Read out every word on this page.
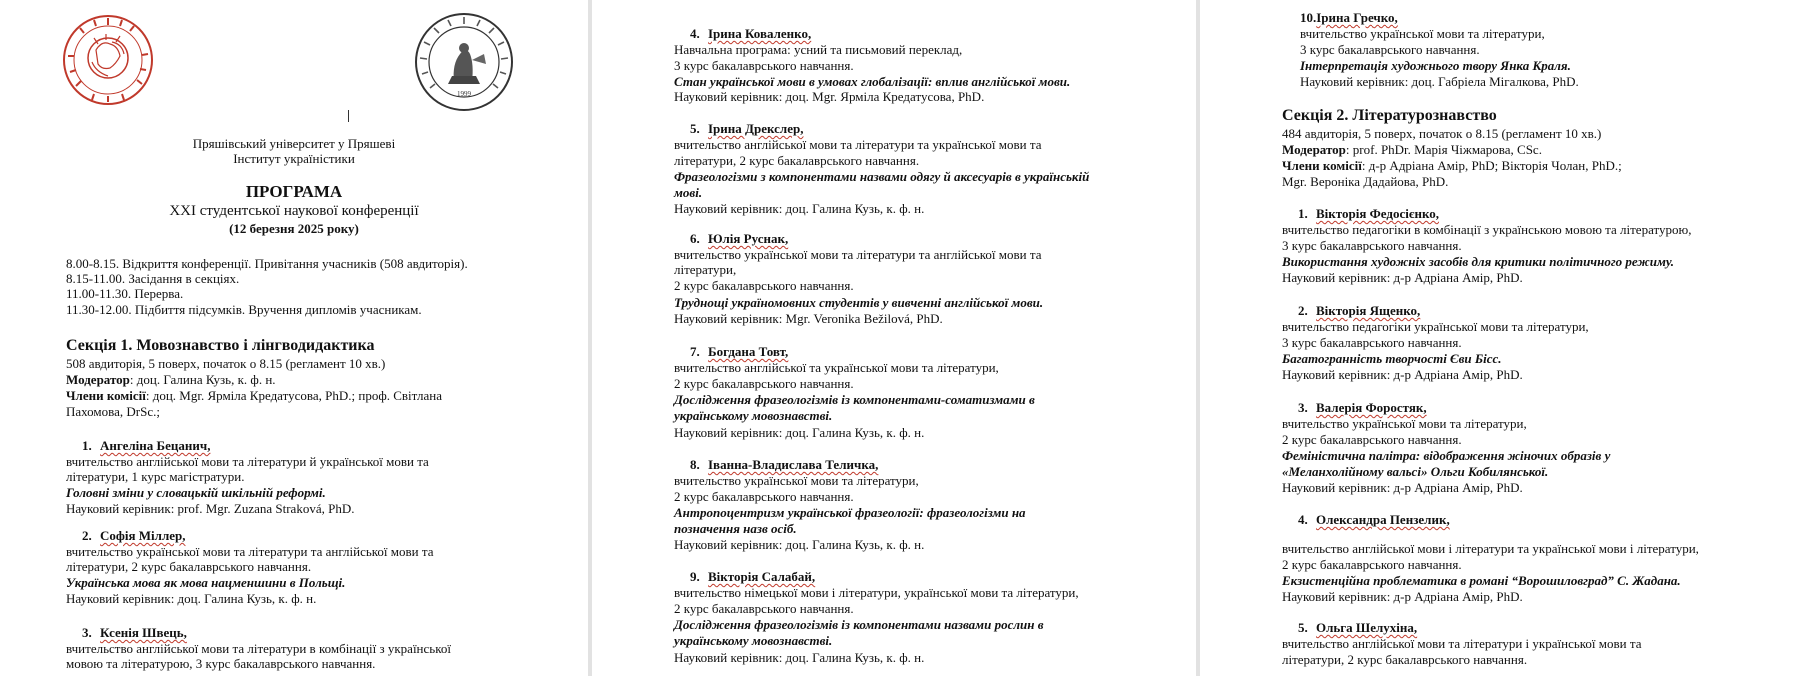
1999
Пряшівський університет у Пряшеві
Інститут україністики
ПРОГРАМА
XXI студентської наукової конференції
(12 березня 2025 року)
8.00-8.15. Відкриття конференції. Привітання учасників (508 авдиторія).
8.15-11.00. Засідання в секціях.
11.00-11.30. Перерва.
11.30-12.00. Підбиття підсумків. Вручення дипломів учасникам.
Секція 1. Мовознавство і лінгводидактика
508 авдиторія, 5 поверх, початок о 8.15 (регламент 10 хв.)
Модератор: доц. Галина Кузь, к. ф. н.
Члени комісії: доц. Mgr. Ярміла Кредатусова, PhD.; проф. Світлана
Пахомова, DrSc.;
1. Ангеліна Бецанич,
вчительство англійської мови та літератури й української мови та
літератури, 1 курс магістратури.
Головні зміни у словацькій шкільній реформі.
Науковий керівник: prof. Mgr. Zuzana Straková, PhD.
2. Софія Міллер,
вчительство української мови та літератури та англійської мови та
літератури, 2 курс бакалаврського навчання.
Українська мова як мова нацменшини в Польщі.
Науковий керівник: доц. Галина Кузь, к. ф. н.
3. Ксенія Швець,
вчительство англійської мови та літератури в комбінації з української
мовою та літературою, 3 курс бакалаврського навчання.
4. Ірина Коваленко,
Навчальна програма: усний та письмовий переклад,
3 курс бакалаврського навчання.
Стан української мови в умовах глобалізації: вплив англійської мови.
Науковий керівник: доц. Mgr. Ярміла Кредатусова, PhD.
5. Ірина Дрекслер,
вчительство англійської мови та літератури та української мови та
літератури, 2 курс бакалаврського навчання.
Фразеологізми з компонентами назвами одягу й аксесуарів в українській
мові.
Науковий керівник: доц. Галина Кузь, к. ф. н.
6. Юлія Руснак,
вчительство української мови та літератури та англійської мови та
літератури,
2 курс бакалаврського навчання.
Труднощі україномовних студентів у вивченні англійської мови.
Науковий керівник: Mgr. Veronika Bežilová, PhD.
7. Богдана Товт,
вчительство англійської та української мови та літератури,
2 курс бакалаврського навчання.
Дослідження фразеологізмів із компонентами-соматизмами в
українському мовознавстві.
Науковий керівник: доц. Галина Кузь, к. ф. н.
8. Іванна-Владислава Теличка,
вчительство української мови та літератури,
2 курс бакалаврського навчання.
Антропоцентризм української фразеології: фразеологізми на
позначення назв осіб.
Науковий керівник: доц. Галина Кузь, к. ф. н.
9. Вікторія Салабай,
вчительство німецької мови і літератури, української мови та літератури,
2 курс бакалаврського навчання.
Дослідження фразеологізмів із компонентами назвами рослин в
українському мовознавстві.
Науковий керівник: доц. Галина Кузь, к. ф. н.
10.Ірина Гречко,
вчительство української мови та літератури,
3 курс бакалаврського навчання.
Інтерпретація художнього твору Янка Краля.
Науковий керівник: доц. Габріела Мігалкова, PhD.
Секція 2. Літературознавство
484 авдиторія, 5 поверх, початок о 8.15 (регламент 10 хв.)
Модератор: prof. PhDr. Марія Чіжмарова, CSc.
Члени комісії: д-р Адріана Амір, PhD; Вікторія Чолан, PhD.;
Mgr. Вероніка Дадайова, PhD.
1. Вікторія Федосієнко,
вчительство педагогіки в комбінації з українською мовою та літературою,
3 курс бакалаврського навчання.
Використання художніх засобів для критики політичного режиму.
Науковий керівник: д-р Адріана Амір, PhD.
2. Вікторія Ященко,
вчительство педагогіки української мови та літератури,
3 курс бакалаврського навчання.
Багатогранність творчості Єви Бісс.
Науковий керівник: д-р Адріана Амір, PhD.
3. Валерія Форостяк,
вчительство української мови та літератури,
2 курс бакалаврського навчання.
Феміністична палітра: відображення жіночих образів у
«Меланхолійному вальсі» Ольги Кобилянської.
Науковий керівник: д-р Адріана Амір, PhD.
4. Олександра Пензелик,
вчительство англійської мови і літератури та української мови і літератури,
2 курс бакалаврського навчання.
Екзистенційна проблематика в романі “Ворошиловград” С. Жадана.
Науковий керівник: д-р Адріана Амір, PhD.
5. Ольга Шелухіна,
вчительство англійської мови та літератури і української мови та
літератури, 2 курс бакалаврського навчання.
